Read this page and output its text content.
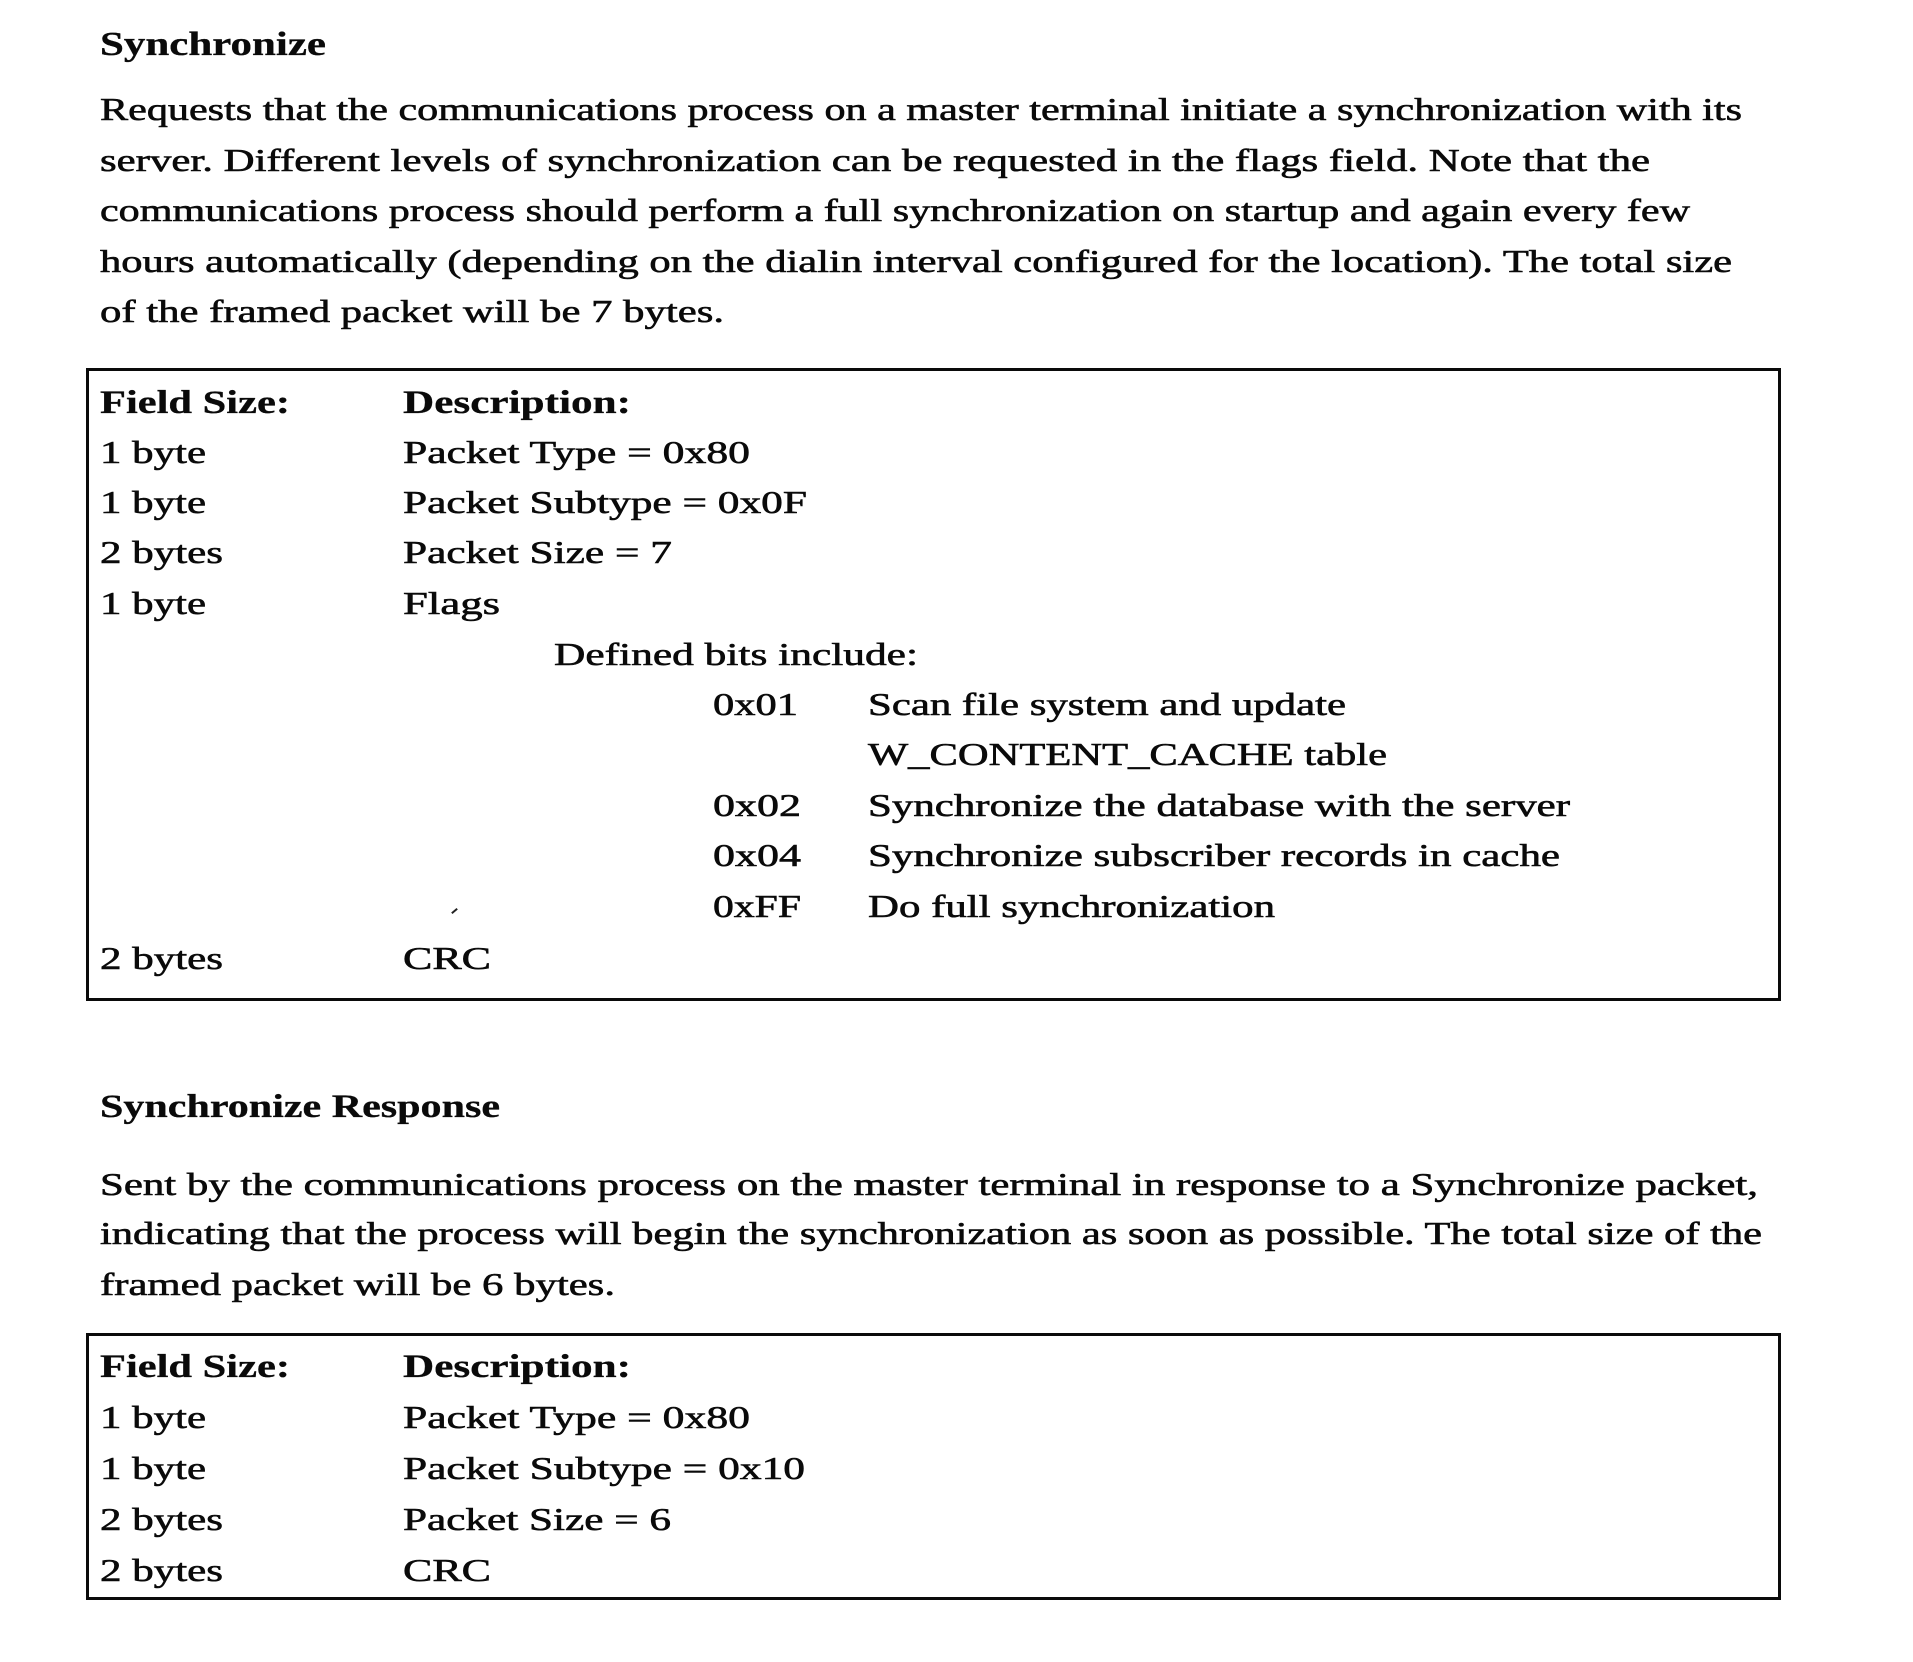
Synchronize
Requests that the communications process on a master terminal initiate a synchronization with its
server. Different levels of synchronization can be requested in the flags field. Note that the
communications process should perform a full synchronization on startup and again every few
hours automatically (depending on the dialin interval configured for the location). The total size
of the framed packet will be 7 bytes.
Field Size:	Description:
1 byte	Packet Type = 0x80
1 byte	Packet Subtype = 0x0F
2 bytes	Packet Size = 7
1 byte	Flags
Defined bits include:
0x01 Scan file system and update
W_CONTENT_CACHE table
0x02 Synchronize the database with the server
0x04 Synchronize subscriber records in cache
0xFF Do full synchronization
2 bytes	CRC
Synchronize Response
Sent by the communications process on the master terminal in response to a Synchronize packet,
indicating that the process will begin the synchronization as soon as possible. The total size of the
framed packet will be 6 bytes.
Field Size:	Description:
1 byte	Packet Type = 0x80
1 byte	Packet Subtype = 0x10
2 bytes	Packet Size = 6
2 bytes	CRC
